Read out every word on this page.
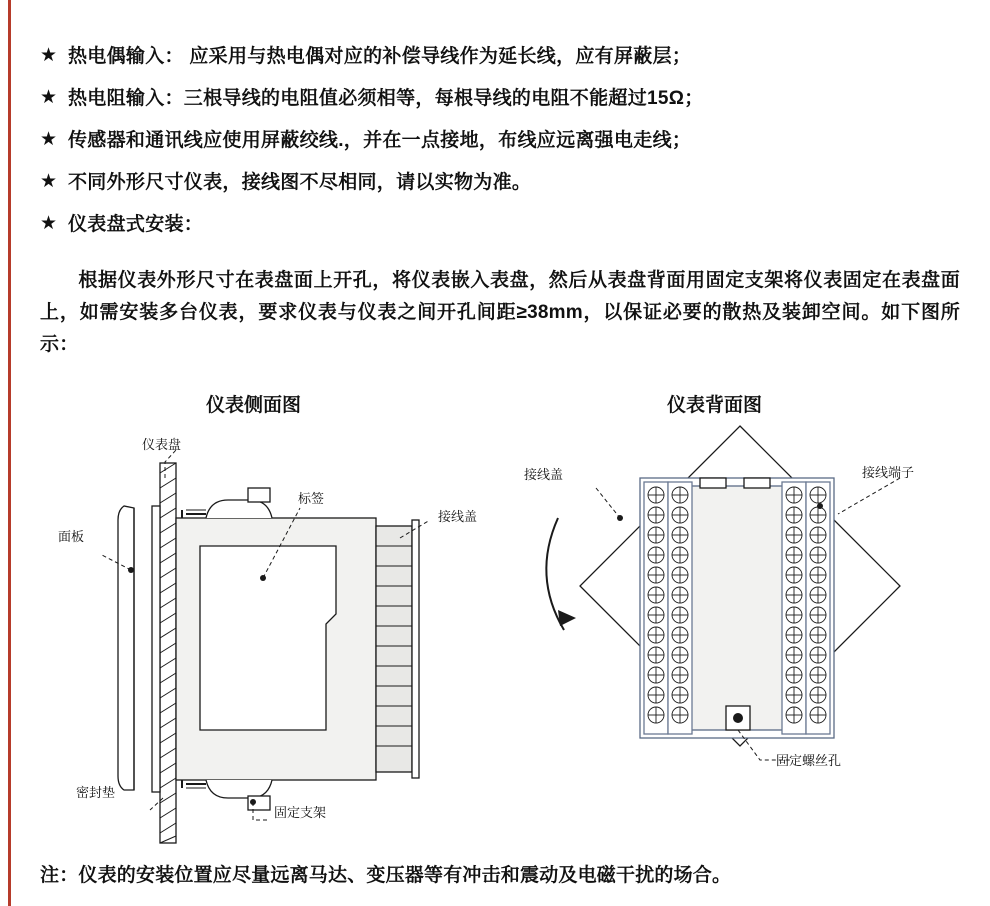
★ 热电偶输入： 应采用与热电偶对应的补偿导线作为延长线，应有屏蔽层；
★ 热电阻输入：三根导线的电阻值必须相等，每根导线的电阻不能超过15Ω；
★ 传感器和通讯线应使用屏蔽绞线.，并在一点接地，布线应远离强电走线；
★ 不同外形尺寸仪表，接线图不尽相同，请以实物为准。
★ 仪表盘式安装：
根据仪表外形尺寸在表盘面上开孔，将仪表嵌入表盘，然后从表盘背面用固定支架将仪表固定在表盘面上，如需安装多台仪表，要求仪表与仪表之间开孔间距≥38mm，以保证必要的散热及装卸空间。如下图所示：
仪表侧面图	仪表背面图
仪表盘
面板
标签
接线盖
密封垫
固定支架
接线盖	接线端子
固定螺丝孔
注：仪表的安装位置应尽量远离马达、变压器等有冲击和震动及电磁干扰的场合。
